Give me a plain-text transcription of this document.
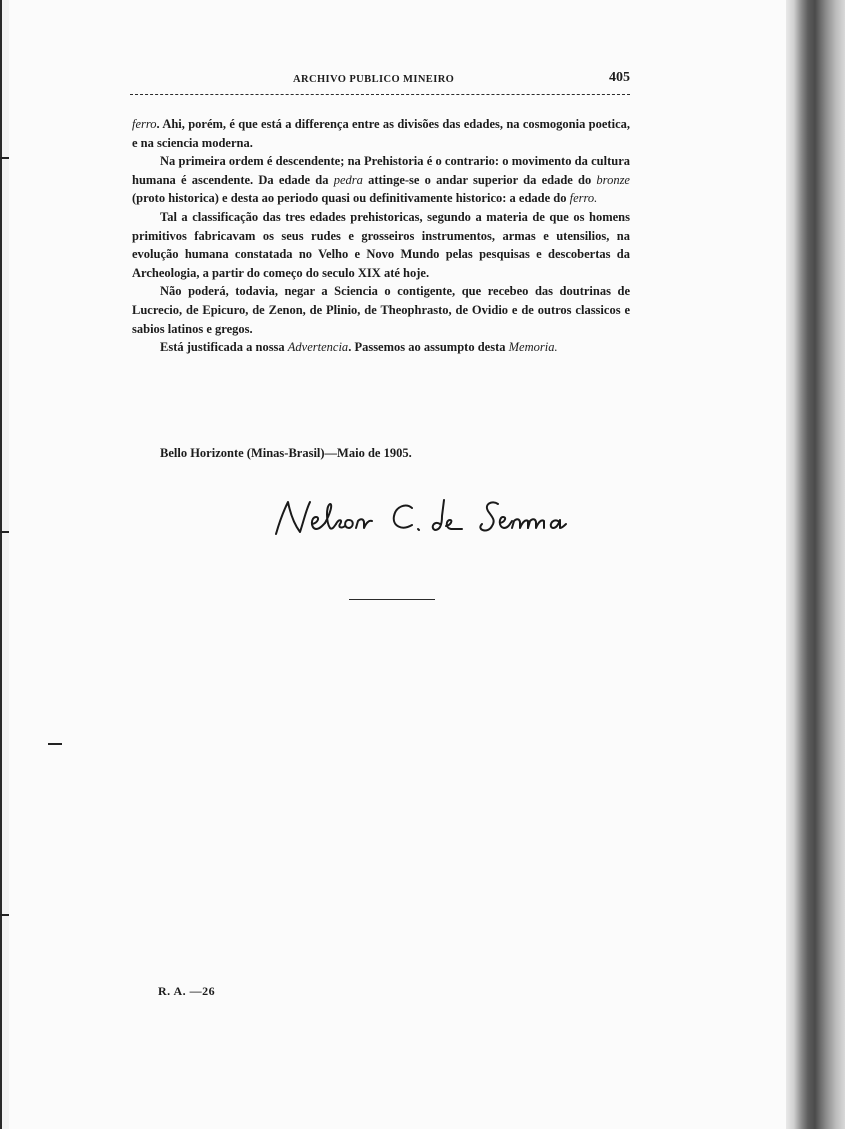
ARCHIVO PUBLICO MINEIRO	405

ferro. Ahi, porém, é que está a differença entre as divisões das edades, na cosmogonia poetica, e na sciencia moderna.

Na primeira ordem é descendente; na Prehistoria é o contrario: o movimento da cultura humana é ascendente. Da edade da pedra attinge-se o andar superior da edade do bronze (proto historica) e desta ao periodo quasi ou definitivamente historico: a edade do ferro.

Tal a classificação das tres edades prehistoricas, segundo a materia de que os homens primitivos fabricavam os seus rudes e grosseiros instrumentos, armas e utensilios, na evolução humana constatada no Velho e Novo Mundo pelas pesquisas e descobertas da Archeologia, a partir do começo do seculo XIX até hoje.

Não poderá, todavia, negar a Sciencia o contigente, que recebeo das doutrinas de Lucrecio, de Epicuro, de Zenon, de Plinio, de Theophrasto, de Ovidio e de outros classicos e sabios latinos e gregos.

Está justificada a nossa Advertencia. Passemos ao assumpto desta Memoria.

Bello Horizonte (Minas-Brasil)—Maio de 1905.
R. A. —26
